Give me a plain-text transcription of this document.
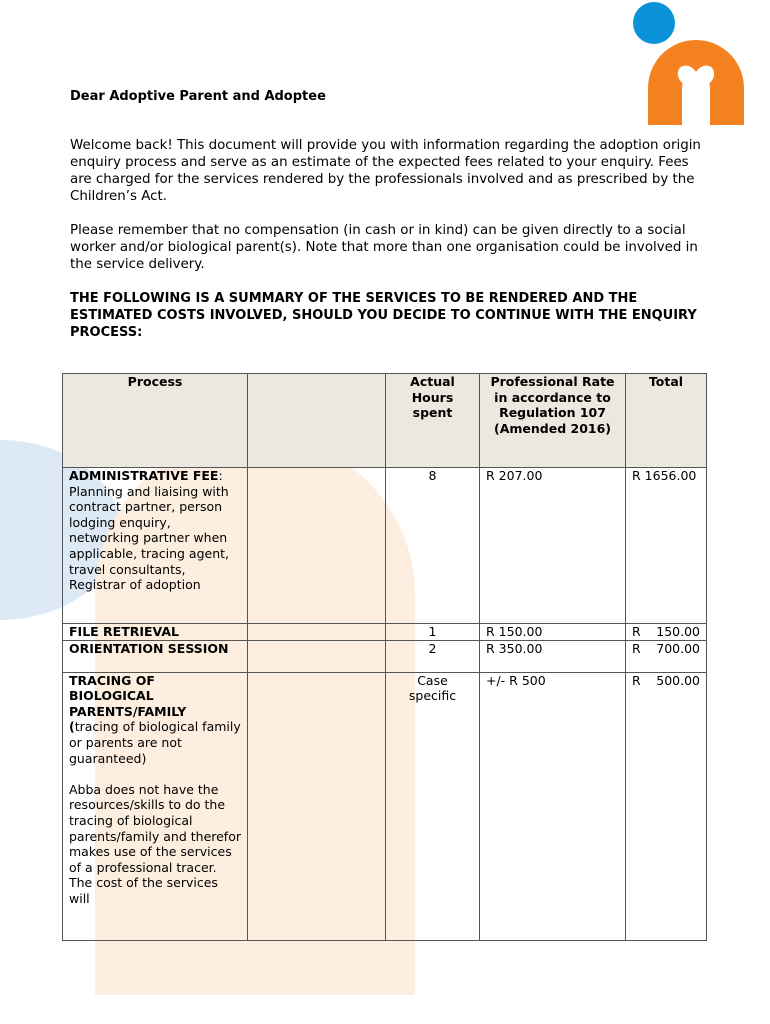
Dear Adoptive Parent and Adoptee

Welcome back! This document will provide you with information regarding the adoption origin enquiry process and serve as an estimate of the expected fees related to your enquiry. Fees are charged for the services rendered by the professionals involved and as prescribed by the Children’s Act.

Please remember that no compensation (in cash or in kind) can be given directly to a social worker and/or biological parent(s). Note that more than one organisation could be involved in the service delivery.

THE FOLLOWING IS A SUMMARY OF THE SERVICES TO BE RENDERED AND THE ESTIMATED COSTS INVOLVED, SHOULD YOU DECIDE TO CONTINUE WITH THE ENQUIRY PROCESS:

Process		Actual Hours spent	Professional Rate in accordance to Regulation 107 (Amended 2016)	Total
ADMINISTRATIVE FEE:
Planning and liaising with contract partner, person lodging enquiry, networking partner when applicable, tracing agent, travel consultants, Registrar of adoption		8	R 207.00	R 1656.00
FILE RETRIEVAL		1	R 150.00	R 150.00

ORIENTATION SESSION		2	R 350.00	R 700.00

TRACING OF BIOLOGICAL PARENTS/FAMILY
(tracing of biological family or parents are not guaranteed)

Abba does not have the resources/skills to do the tracing of biological parents/family and therefor makes use of the services of a professional tracer. The cost of the services will		Case specific	+/- R 500	R 500.00
